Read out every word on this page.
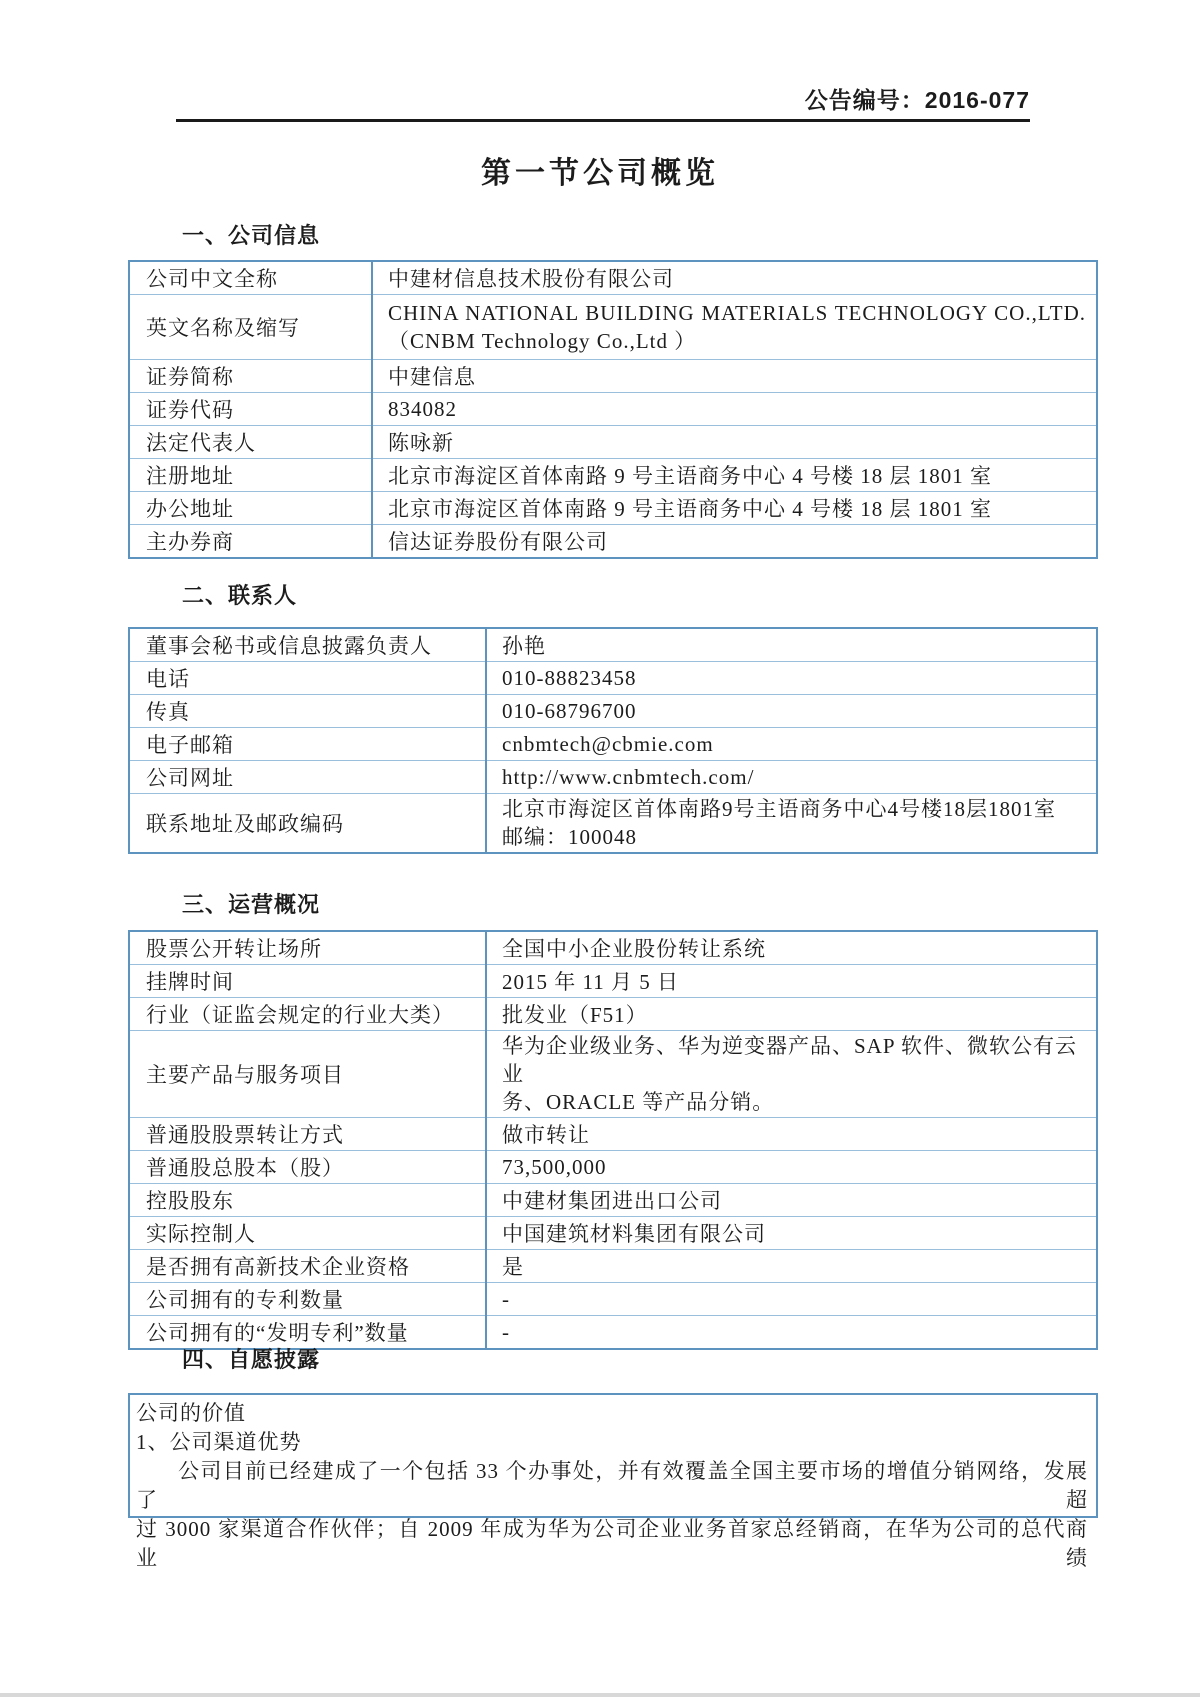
公告编号：2016-077
第一节公司概览
一、公司信息
公司中文全称	中建材信息技术股份有限公司
英文名称及缩写	CHINA NATIONAL BUILDING MATERIALS TECHNOLOGY CO.,LTD.
（CNBM Technology Co.,Ltd ）

证券简称	中建信息
证券代码	834082
法定代表人	陈咏新
注册地址	北京市海淀区首体南路 9 号主语商务中心 4 号楼 18 层 1801 室
办公地址	北京市海淀区首体南路 9 号主语商务中心 4 号楼 18 层 1801 室
主办券商	信达证券股份有限公司
二、联系人
董事会秘书或信息披露负责人	孙艳
电话	010-88823458
传真	010-68796700
电子邮箱	cnbmtech@cbmie.com
公司网址	http://www.cnbmtech.com/
联系地址及邮政编码	北京市海淀区首体南路9号主语商务中心4号楼18层1801室
邮编：100048
三、运营概况
股票公开转让场所	全国中小企业股份转让系统
挂牌时间	2015 年 11 月 5 日
行业（证监会规定的行业大类）	批发业（F51）
主要产品与服务项目	华为企业级业务、华为逆变器产品、SAP 软件、微软公有云业
务、ORACLE 等产品分销。

普通股股票转让方式	做市转让
普通股总股本（股）	73,500,000
控股股东	中建材集团进出口公司
实际控制人	中国建筑材料集团有限公司
是否拥有高新技术企业资格	是
公司拥有的专利数量	-
公司拥有的“发明专利”数量	-
四、自愿披露
公司的价值
1、公司渠道优势
公司目前已经建成了一个包括 33 个办事处，并有效覆盖全国主要市场的增值分销网络，发展了超
过 3000 家渠道合作伙伴；自 2009 年成为华为公司企业业务首家总经销商，在华为公司的总代商业绩
